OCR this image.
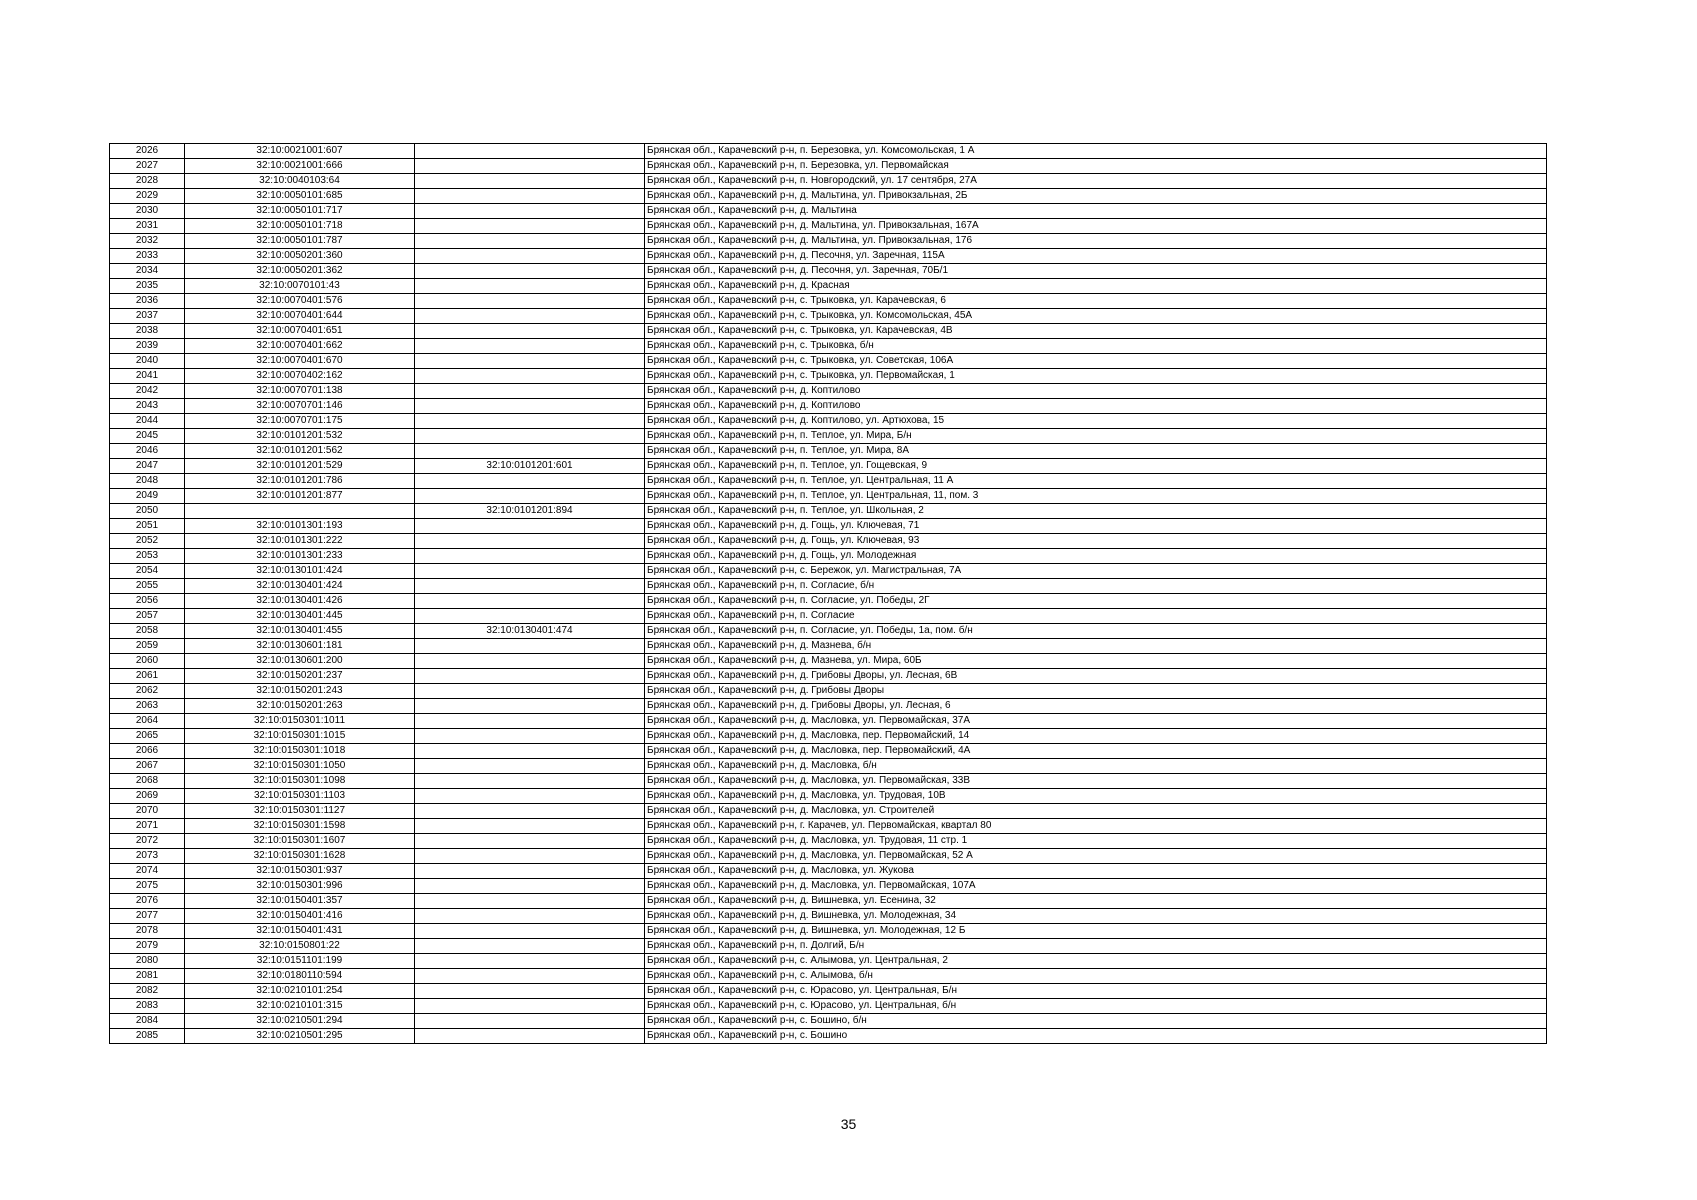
2026	32:10:0021001:607		Брянская обл., Карачевский р-н, п. Березовка, ул. Комсомольская, 1 А
2027	32:10:0021001:666		Брянская обл., Карачевский р-н, п. Березовка, ул. Первомайская
2028	32:10:0040103:64		Брянская обл., Карачевский р-н, п. Новгородский, ул. 17 сентября, 27А
2029	32:10:0050101:685		Брянская обл., Карачевский р-н, д. Мальтина, ул. Привокзальная, 2Б
2030	32:10:0050101:717		Брянская обл., Карачевский р-н, д. Мальтина
2031	32:10:0050101:718		Брянская обл., Карачевский р-н, д. Мальтина, ул. Привокзальная, 167А
2032	32:10:0050101:787		Брянская обл., Карачевский р-н, д. Мальтина, ул. Привокзальная, 176
2033	32:10:0050201:360		Брянская обл., Карачевский р-н, д. Песочня, ул. Заречная, 115А
2034	32:10:0050201:362		Брянская обл., Карачевский р-н, д. Песочня, ул. Заречная, 70Б/1
2035	32:10:0070101:43		Брянская обл., Карачевский р-н, д. Красная
2036	32:10:0070401:576		Брянская обл., Карачевский р-н, с. Трыковка, ул. Карачевская, 6
2037	32:10:0070401:644		Брянская обл., Карачевский р-н, с. Трыковка, ул. Комсомольская, 45А
2038	32:10:0070401:651		Брянская обл., Карачевский р-н, с. Трыковка, ул. Карачевская, 4В
2039	32:10:0070401:662		Брянская обл., Карачевский р-н, с. Трыковка, б/н
2040	32:10:0070401:670		Брянская обл., Карачевский р-н, с. Трыковка, ул. Советская, 106А
2041	32:10:0070402:162		Брянская обл., Карачевский р-н, с. Трыковка, ул. Первомайская, 1
2042	32:10:0070701:138		Брянская обл., Карачевский р-н, д. Коптилово
2043	32:10:0070701:146		Брянская обл., Карачевский р-н, д. Коптилово
2044	32:10:0070701:175		Брянская обл., Карачевский р-н, д. Коптилово, ул. Артюхова, 15
2045	32:10:0101201:532		Брянская обл., Карачевский р-н, п. Теплое, ул. Мира, Б/н
2046	32:10:0101201:562		Брянская обл., Карачевский р-н, п. Теплое, ул. Мира, 8А
2047	32:10:0101201:529	32:10:0101201:601	Брянская обл., Карачевский р-н, п. Теплое, ул. Гощевская, 9
2048	32:10:0101201:786		Брянская обл., Карачевский р-н, п. Теплое, ул. Центральная, 11 А
2049	32:10:0101201:877		Брянская обл., Карачевский р-н, п. Теплое, ул. Центральная, 11, пом. 3
2050		32:10:0101201:894	Брянская обл., Карачевский р-н, п. Теплое, ул. Школьная, 2
2051	32:10:0101301:193		Брянская обл., Карачевский р-н, д. Гощь, ул. Ключевая, 71
2052	32:10:0101301:222		Брянская обл., Карачевский р-н, д. Гощь, ул. Ключевая, 93
2053	32:10:0101301:233		Брянская обл., Карачевский р-н, д. Гощь, ул. Молодежная
2054	32:10:0130101:424		Брянская обл., Карачевский р-н, с. Бережок, ул. Магистральная, 7А
2055	32:10:0130401:424		Брянская обл., Карачевский р-н, п. Согласие, б/н
2056	32:10:0130401:426		Брянская обл., Карачевский р-н, п. Согласие, ул. Победы, 2Г
2057	32:10:0130401:445		Брянская обл., Карачевский р-н, п. Согласие
2058	32:10:0130401:455	32:10:0130401:474	Брянская обл., Карачевский р-н, п. Согласие, ул. Победы, 1а, пом. б/н
2059	32:10:0130601:181		Брянская обл., Карачевский р-н, д. Мазнева, б/н
2060	32:10:0130601:200		Брянская обл., Карачевский р-н, д. Мазнева, ул. Мира, 60Б
2061	32:10:0150201:237		Брянская обл., Карачевский р-н, д. Грибовы Дворы, ул. Лесная, 6В
2062	32:10:0150201:243		Брянская обл., Карачевский р-н, д. Грибовы Дворы
2063	32:10:0150201:263		Брянская обл., Карачевский р-н, д. Грибовы Дворы, ул. Лесная, 6
2064	32:10:0150301:1011		Брянская обл., Карачевский р-н, д. Масловка, ул. Первомайская, 37А
2065	32:10:0150301:1015		Брянская обл., Карачевский р-н, д. Масловка, пер. Первомайский, 14
2066	32:10:0150301:1018		Брянская обл., Карачевский р-н, д. Масловка, пер. Первомайский, 4А
2067	32:10:0150301:1050		Брянская обл., Карачевский р-н, д. Масловка, б/н
2068	32:10:0150301:1098		Брянская обл., Карачевский р-н, д. Масловка, ул. Первомайская, 33В
2069	32:10:0150301:1103		Брянская обл., Карачевский р-н, д. Масловка, ул. Трудовая, 10В
2070	32:10:0150301:1127		Брянская обл., Карачевский р-н, д. Масловка, ул. Строителей
2071	32:10:0150301:1598		Брянская обл., Карачевский р-н, г. Карачев, ул. Первомайская, квартал 80
2072	32:10:0150301:1607		Брянская обл., Карачевский р-н, д. Масловка, ул. Трудовая, 11 стр. 1
2073	32:10:0150301:1628		Брянская обл., Карачевский р-н, д. Масловка, ул. Первомайская, 52 А
2074	32:10:0150301:937		Брянская обл., Карачевский р-н, д. Масловка, ул. Жукова
2075	32:10:0150301:996		Брянская обл., Карачевский р-н, д. Масловка, ул. Первомайская, 107А
2076	32:10:0150401:357		Брянская обл., Карачевский р-н, д. Вишневка, ул. Есенина, 32
2077	32:10:0150401:416		Брянская обл., Карачевский р-н, д. Вишневка, ул. Молодежная, 34
2078	32:10:0150401:431		Брянская обл., Карачевский р-н, д. Вишневка, ул. Молодежная, 12 Б
2079	32:10:0150801:22		Брянская обл., Карачевский р-н, п. Долгий, Б/н
2080	32:10:0151101:199		Брянская обл., Карачевский р-н, с. Алымова, ул. Центральная, 2
2081	32:10:0180110:594		Брянская обл., Карачевский р-н, с. Алымова, б/н
2082	32:10:0210101:254		Брянская обл., Карачевский р-н, с. Юрасово, ул. Центральная, Б/н
2083	32:10:0210101:315		Брянская обл., Карачевский р-н, с. Юрасово, ул. Центральная, б/н
2084	32:10:0210501:294		Брянская обл., Карачевский р-н, с. Бошино, б/н
2085	32:10:0210501:295		Брянская обл., Карачевский р-н, с. Бошино
35
